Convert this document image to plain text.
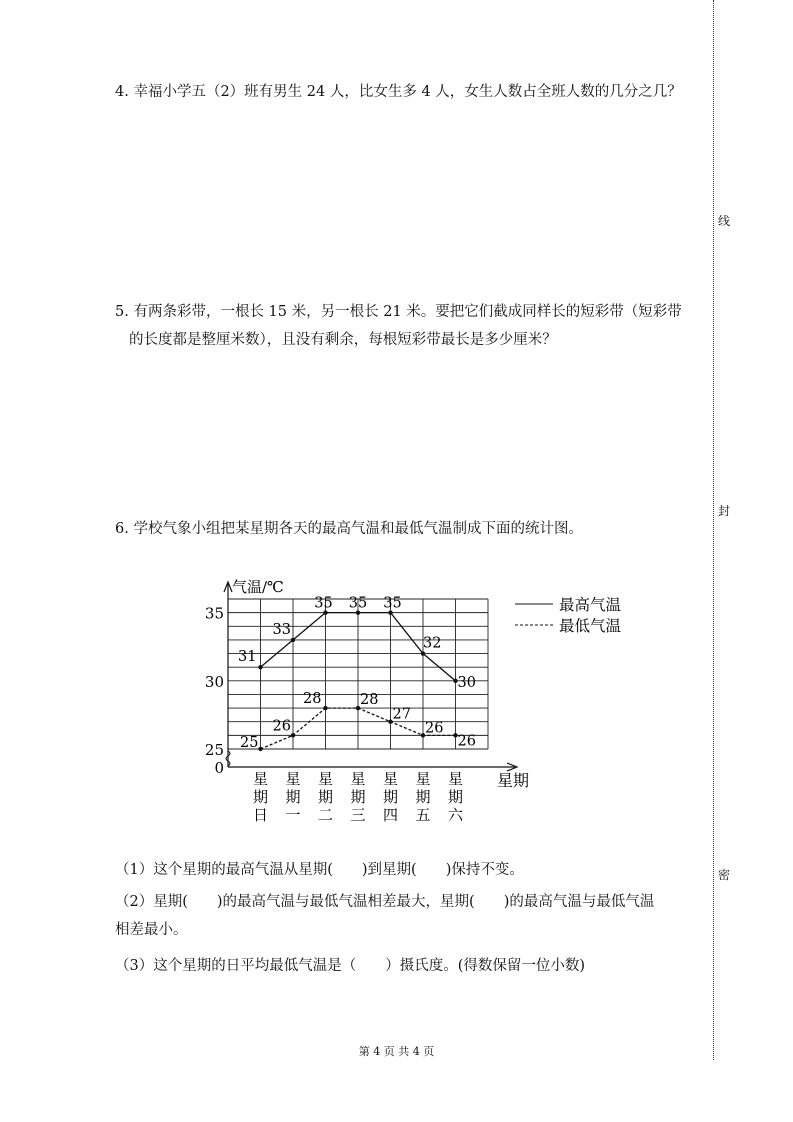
4. 幸福小学五（2）班有男生 24 人，比女生多 4 人，女生人数占全班人数的几分之几？
5. 有两条彩带，一根长 15 米，另一根长 21 米。要把它们截成同样长的短彩带（短彩带
的长度都是整厘米数），且没有剩余，每根短彩带最长是多少厘米？
6. 学校气象小组把某星期各天的最高气温和最低气温制成下面的统计图。
35
30
25
0
气温/℃
星期
星
期
日
星
期
一
星
期
二
星
期
三
星
期
四
星
期
五
星
期
六
31
33
35 35 35
32
30
25
26
28	28
27
26
26
最高气温
最低气温
（1）这个星期的最高气温从星期(　　)到星期(　　)保持不变。
（2）星期(　　)的最高气温与最低气温相差最大，星期(　　)的最高气温与最低气温
相差最小。
（3）这个星期的日平均最低气温是（　　）摄氏度。(得数保留一位小数)
线
封
密
第 4 页 共 4 页
